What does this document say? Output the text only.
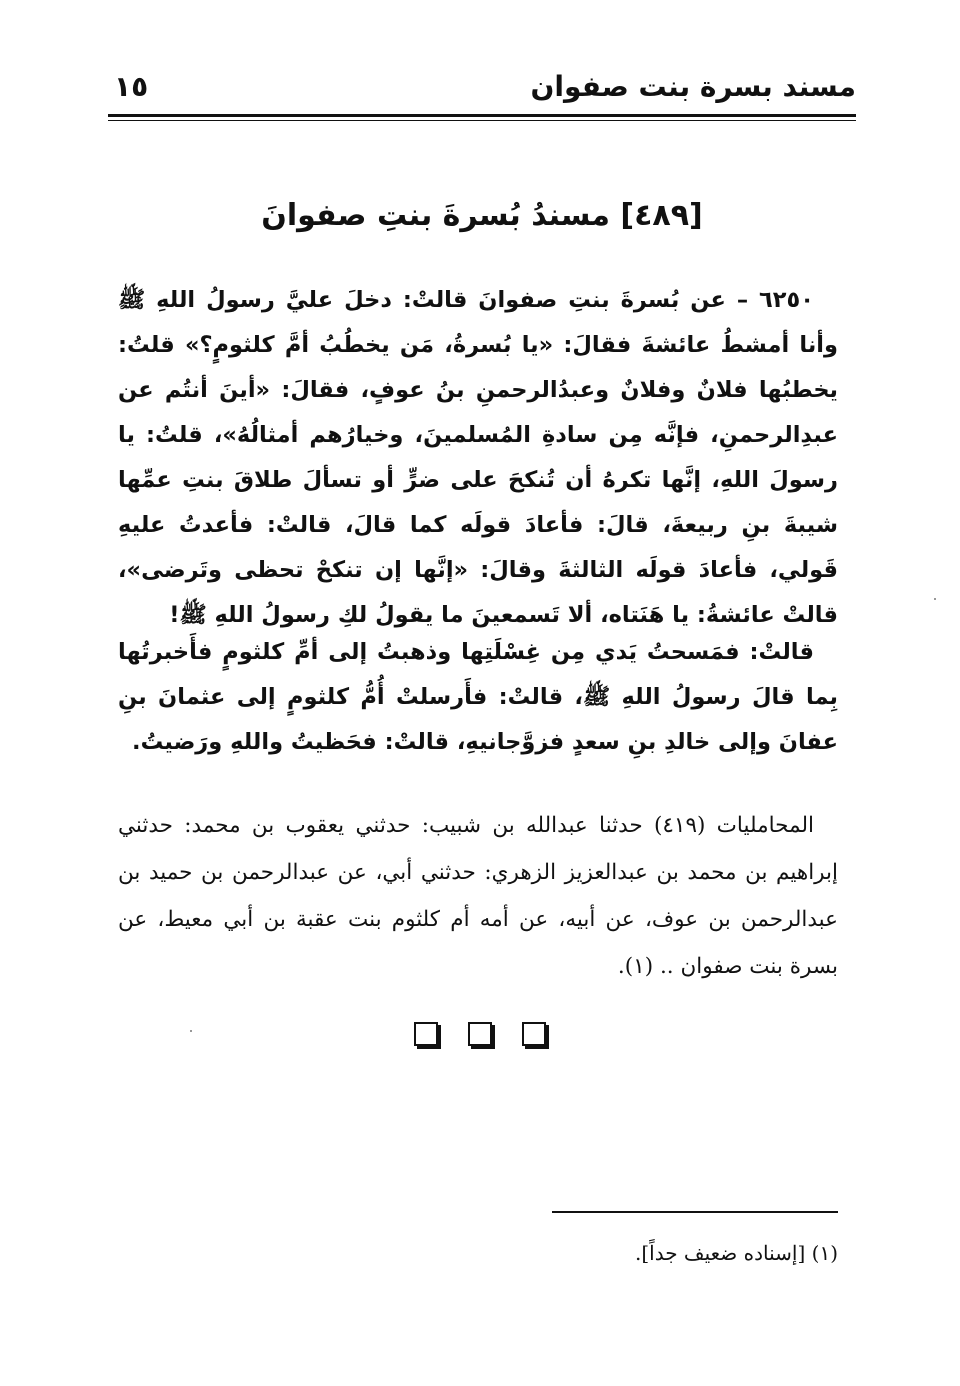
مسند بسرة بنت صفوان
١٥
[٤٨٩] مسندُ بُسرةَ بنتِ صفوانَ
٦٢٥٠ – عن بُسرةَ بنتِ صفوانَ قالتْ: دخلَ عليَّ رسولُ اللهِ ﷺ وأنا أمشطُ عائشةَ فقالَ: «يا بُسرةُ، مَن يخطُبُ أمَّ كلثومٍ؟» قلتُ: يخطبُها فلانٌ وفلانٌ وعبدُالرحمنِ بنُ عوفٍ، فقالَ: «أينَ أنتُم عن عبدِالرحمنِ، فإنَّه مِن سادةِ المُسلمينَ، وخيارُهم أمثالُهُ»، قلتُ: يا رسولَ اللهِ، إنَّها تكرهُ أن تُنكحَ على ضرٍّ أو تسألَ طلاقَ بنتِ عمِّها شيبةَ بنِ ربيعةَ، قالَ: فأعادَ قولَه كما قالَ، قالتْ: فأعدتُ عليهِ قَولي، فأعادَ قولَه الثالثةَ وقالَ: «إنَّها إن تنكحْ تحظى وتَرضى»، قالتْ عائشةُ: يا هَنَتاه، ألا تَسمعينَ ما يقولُ لكِ رسولُ اللهِ ﷺ!
قالتْ: فمَسحتُ يَدي مِن غِسْلَتِها وذهبتُ إلى أمِّ كلثومٍ فأَخبرتُها بِما قالَ رسولُ اللهِ ﷺ، قالتْ: فأَرسلتْ أُمُّ كلثومٍ إلى عثمانَ بنِ عفانَ وإلى خالدِ بنِ سعدٍ فزوَّجانيهِ، قالتْ: فحَظيتُ واللهِ ورَضيتُ.
المحامليات (٤١٩) حدثنا عبدالله بن شبيب: حدثني يعقوب بن محمد: حدثني إبراهيم بن محمد بن عبدالعزيز الزهري: حدثني أبي، عن عبدالرحمن بن حميد بن عبدالرحمن بن عوف، عن أبيه، عن أمه أم كلثوم بنت عقبة بن أبي معيط، عن بسرة بنت صفوان .. (١).
(١) [إسناده ضعيف جداً].
